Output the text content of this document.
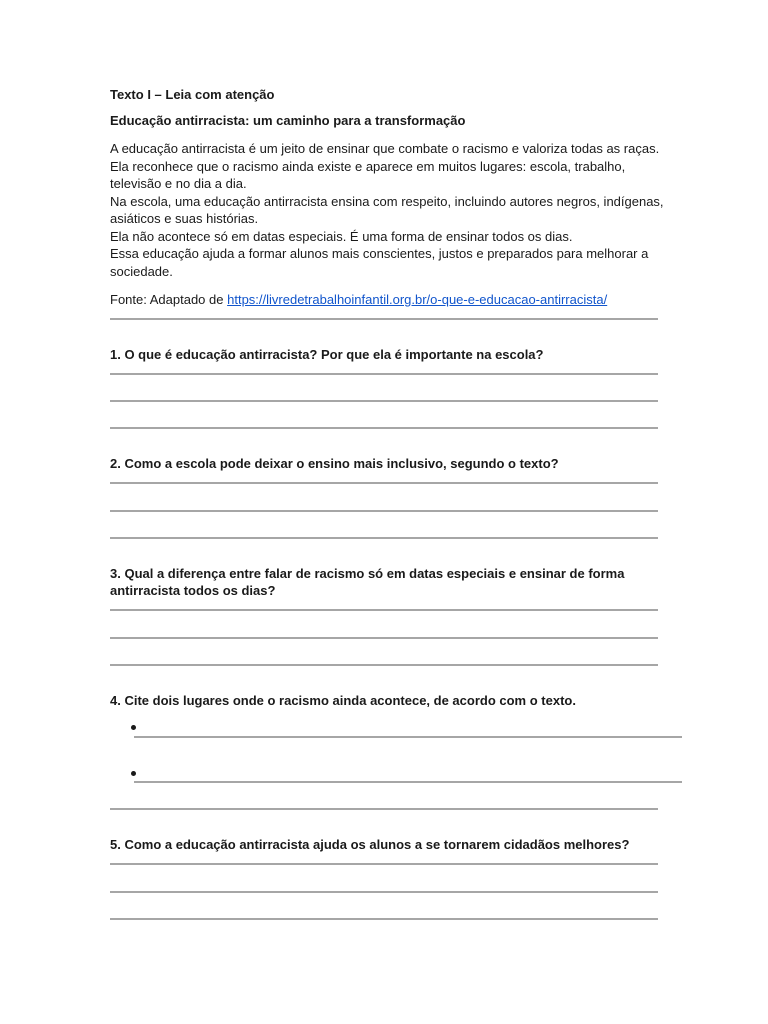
Texto I – Leia com atenção
Educação antirracista: um caminho para a transformação
A educação antirracista é um jeito de ensinar que combate o racismo e valoriza todas as raças.
Ela reconhece que o racismo ainda existe e aparece em muitos lugares: escola, trabalho,
televisão e no dia a dia.
Na escola, uma educação antirracista ensina com respeito, incluindo autores negros, indígenas,
asiáticos e suas histórias.
Ela não acontece só em datas especiais. É uma forma de ensinar todos os dias.
Essa educação ajuda a formar alunos mais conscientes, justos e preparados para melhorar a
sociedade.
Fonte: Adaptado de https://livredetrabalhoinfantil.org.br/o-que-e-educacao-antirracista/
1. O que é educação antirracista? Por que ela é importante na escola?
2. Como a escola pode deixar o ensino mais inclusivo, segundo o texto?
3. Qual a diferença entre falar de racismo só em datas especiais e ensinar de forma
antirracista todos os dias?
4. Cite dois lugares onde o racismo ainda acontece, de acordo com o texto.
5. Como a educação antirracista ajuda os alunos a se tornarem cidadãos melhores?
